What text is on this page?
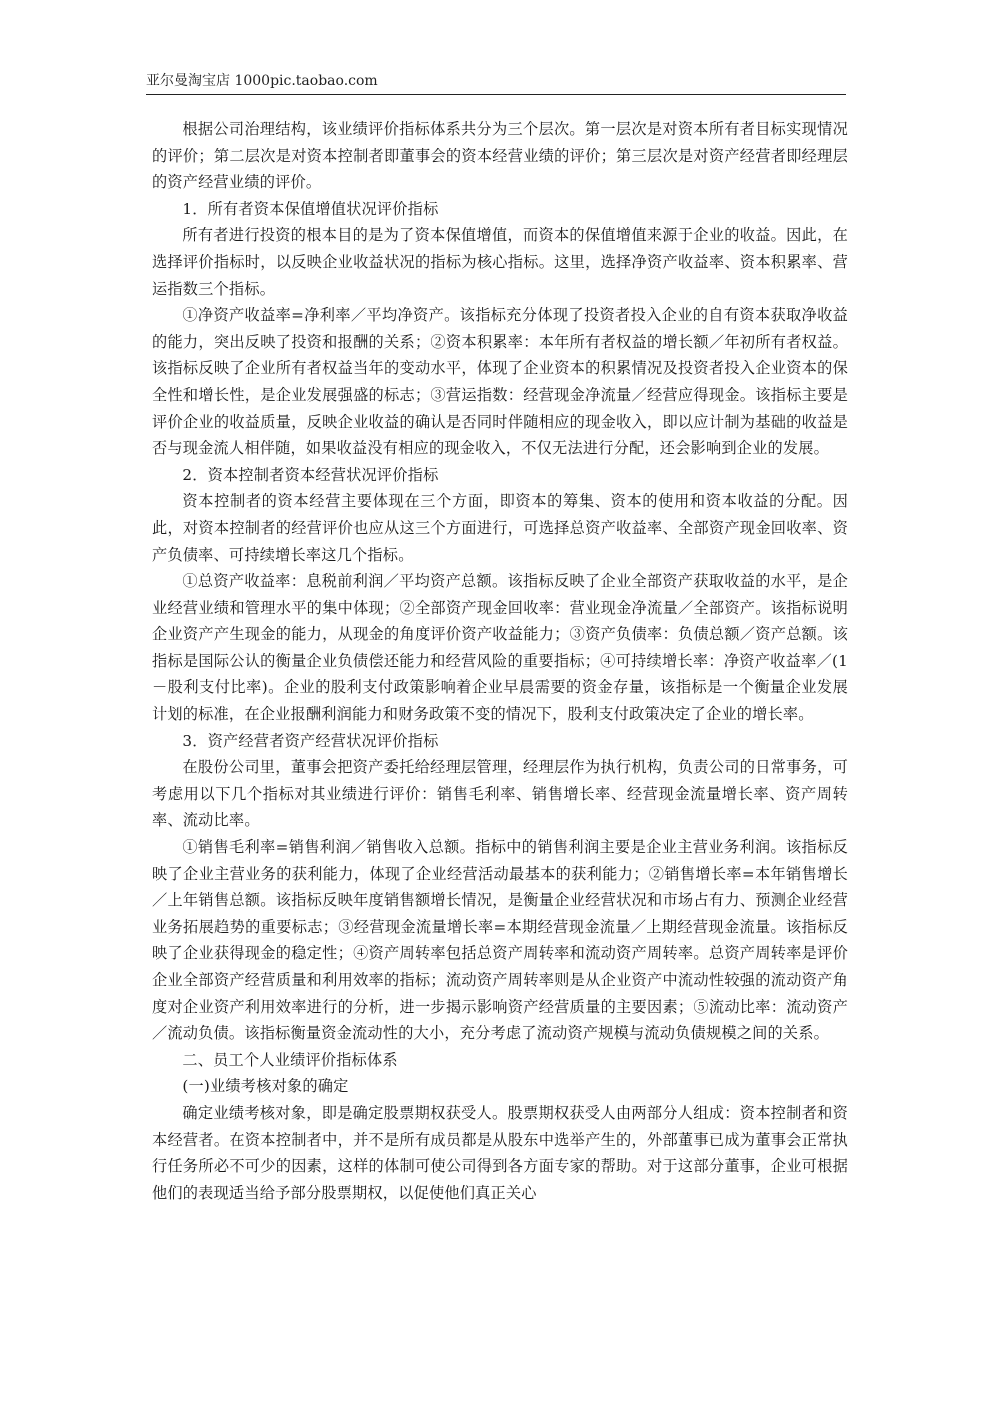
亚尔曼淘宝店 1000pic.taobao.com

根据公司治理结构，该业绩评价指标体系共分为三个层次。第一层次是对资本所有者目标实现情况的评价；第二层次是对资本控制者即董事会的资本经营业绩的评价；第三层次是对资产经营者即经理层的资产经营业绩的评价。

1．所有者资本保值增值状况评价指标

所有者进行投资的根本目的是为了资本保值增值，而资本的保值增值来源于企业的收益。因此，在选择评价指标时，以反映企业收益状况的指标为核心指标。这里，选择净资产收益率、资本积累率、营运指数三个指标。

①净资产收益率=净利率／平均净资产。该指标充分体现了投资者投入企业的自有资本获取净收益的能力，突出反映了投资和报酬的关系；②资本积累率：本年所有者权益的增长额／年初所有者权益。该指标反映了企业所有者权益当年的变动水平，体现了企业资本的积累情况及投资者投入企业资本的保全性和增长性，是企业发展强盛的标志；③营运指数：经营现金净流量／经营应得现金。该指标主要是评价企业的收益质量，反映企业收益的确认是否同时伴随相应的现金收入，即以应计制为基础的收益是否与现金流人相伴随，如果收益没有相应的现金收入，不仅无法进行分配，还会影响到企业的发展。

2．资本控制者资本经营状况评价指标

资本控制者的资本经营主要体现在三个方面，即资本的筹集、资本的使用和资本收益的分配。因此，对资本控制者的经营评价也应从这三个方面进行，可选择总资产收益率、全部资产现金回收率、资产负债率、可持续增长率这几个指标。

①总资产收益率：息税前利润／平均资产总额。该指标反映了企业全部资产获取收益的水平，是企业经营业绩和管理水平的集中体现；②全部资产现金回收率：营业现金净流量／全部资产。该指标说明企业资产产生现金的能力，从现金的角度评价资产收益能力；③资产负债率：负债总额／资产总额。该指标是国际公认的衡量企业负债偿还能力和经营风险的重要指标；④可持续增长率：净资产收益率／(1－股利支付比率)。企业的股利支付政策影响着企业早晨需要的资金存量，该指标是一个衡量企业发展计划的标准，在企业报酬利润能力和财务政策不变的情况下，股利支付政策决定了企业的增长率。

3．资产经营者资产经营状况评价指标

在股份公司里，董事会把资产委托给经理层管理，经理层作为执行机构，负责公司的日常事务，可考虑用以下几个指标对其业绩进行评价：销售毛利率、销售增长率、经营现金流量增长率、资产周转率、流动比率。

①销售毛利率=销售利润／销售收入总额。指标中的销售利润主要是企业主营业务利润。该指标反映了企业主营业务的获利能力，体现了企业经营活动最基本的获利能力；②销售增长率=本年销售增长／上年销售总额。该指标反映年度销售额增长情况，是衡量企业经营状况和市场占有力、预测企业经营业务拓展趋势的重要标志；③经营现金流量增长率=本期经营现金流量／上期经营现金流量。该指标反映了企业获得现金的稳定性；④资产周转率包括总资产周转率和流动资产周转率。总资产周转率是评价企业全部资产经营质量和利用效率的指标；流动资产周转率则是从企业资产中流动性较强的流动资产角度对企业资产利用效率进行的分析，进一步揭示影响资产经营质量的主要因素；⑤流动比率：流动资产／流动负债。该指标衡量资金流动性的大小，充分考虑了流动资产规模与流动负债规模之间的关系。

二、员工个人业绩评价指标体系

(一)业绩考核对象的确定

确定业绩考核对象，即是确定股票期权获受人。股票期权获受人由两部分人组成：资本控制者和资本经营者。在资本控制者中，并不是所有成员都是从股东中选举产生的，外部董事已成为董事会正常执行任务所必不可少的因素，这样的体制可使公司得到各方面专家的帮助。对于这部分董事，企业可根据他们的表现适当给予部分股票期权，以促使他们真正关心
